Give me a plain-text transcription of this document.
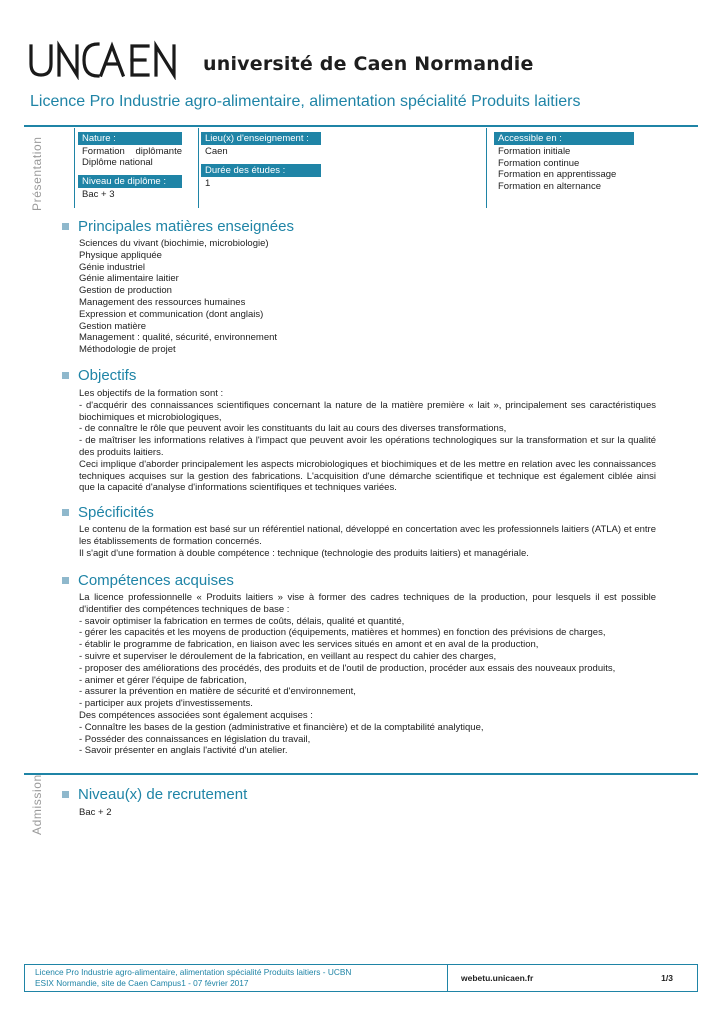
université de Caen Normandie
Licence Pro Industrie agro-alimentaire, alimentation spécialité Produits laitiers
Présentation	Nature :
Formation diplômante
Diplôme national
Niveau de diplôme :
Bac + 3
Lieu(x) d'enseignement :
Caen
Durée des études :
1
Accessible en :
Formation initiale
Formation continue
Formation en apprentissage
Formation en alternance
Principales matières enseignées
Sciences du vivant (biochimie, microbiologie)
Physique appliquée
Génie industriel
Génie alimentaire laitier
Gestion de production
Management des ressources humaines
Expression et communication (dont anglais)
Gestion matière
Management : qualité, sécurité, environnement
Méthodologie de projet
Objectifs
Les objectifs de la formation sont :
- d'acquérir des connaissances scientifiques concernant la nature de la matière première « lait », principalement ses caractéristiques biochimiques et microbiologiques,
- de connaître le rôle que peuvent avoir les constituants du lait au cours des diverses transformations,
- de maîtriser les informations relatives à l'impact que peuvent avoir les opérations technologiques sur la transformation et sur la qualité des produits laitiers.
Ceci implique d'aborder principalement les aspects microbiologiques et biochimiques et de les mettre en relation avec les connaissances techniques acquises sur la gestion des fabrications. L'acquisition d'une démarche scientifique et technique est également ciblée ainsi que la capacité d'analyse d'informations scientifiques et techniques variées.
Spécificités
Le contenu de la formation est basé sur un référentiel national, développé en concertation avec les professionnels laitiers (ATLA) et entre les établissements de formation concernés.
Il s'agit d'une formation à double compétence : technique (technologie des produits laitiers) et managériale.
Compétences acquises
La licence professionnelle « Produits laitiers » vise à former des cadres techniques de la production, pour lesquels il est possible d'identifier des compétences techniques de base :
- savoir optimiser la fabrication en termes de coûts, délais, qualité et quantité,
- gérer les capacités et les moyens de production (équipements, matières et hommes) en fonction des prévisions de charges,
- établir le programme de fabrication, en liaison avec les services situés en amont et en aval de la production,
- suivre et superviser le déroulement de la fabrication, en veillant au respect du cahier des charges,
- proposer des améliorations des procédés, des produits et de l'outil de production, procéder aux essais des nouveaux produits,
- animer et gérer l'équipe de fabrication,
- assurer la prévention en matière de sécurité et d'environnement,
- participer aux projets d'investissements.
Des compétences associées sont également acquises :
- Connaître les bases de la gestion (administrative et financière) et de la comptabilité analytique,
- Posséder des connaissances en législation du travail,
- Savoir présenter en anglais l'activité d'un atelier.
Admission	Niveau(x) de recrutement
Bac + 2
Licence Pro Industrie agro-alimentaire, alimentation spécialité Produits laitiers - UCBN
ESIX Normandie, site de Caen Campus1 - 07 février 2017	webetu.unicaen.fr	1/3
